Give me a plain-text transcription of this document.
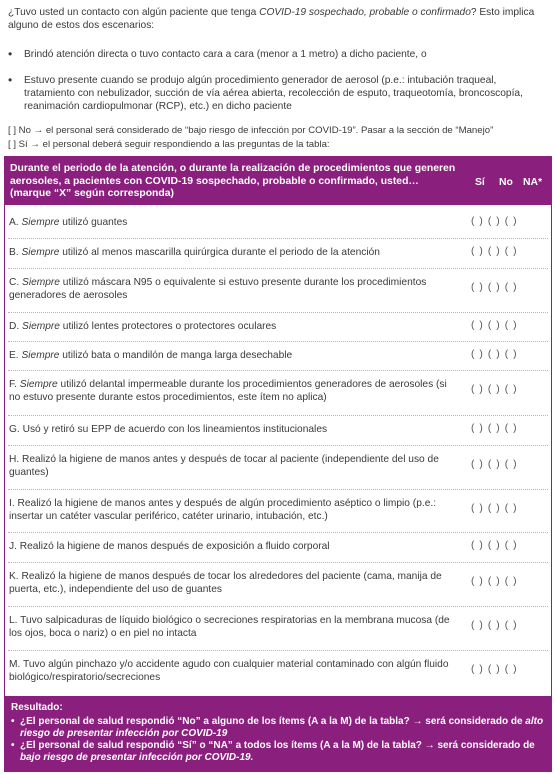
¿Tuvo usted un contacto con algún paciente que tenga COVID-19 sospechado, probable o confirmado? Esto implica alguno de estos dos escenarios:
• Brindó atención directa o tuvo contacto cara a cara (menor a 1 metro) a dicho paciente, o
• Estuvo presente cuando se produjo algún procedimiento generador de aerosol (p.e.: intubación traqueal, tratamiento con nebulizador, succión de vía aérea abierta, recolección de esputo, traqueotomía, broncoscopía, reanimación cardiopulmonar (RCP), etc.) en dicho paciente
[ ] No → el personal será considerado de “bajo riesgo de infección por COVID-19”. Pasar a la sección de “Manejo”
[ ] Sí → el personal deberá seguir respondiendo a las preguntas de la tabla:
Durante el periodo de la atención, o durante la realización de procedimientos que generen aerosoles, a pacientes con COVID-19 sospechado, probable o confirmado, usted… (marque “X” según corresponda)
Sí No NA*
A. Siempre utilizó guantes	( ) ( ) ( )
B. Siempre utilizó al menos mascarilla quirúrgica durante el periodo de la atención	( ) ( ) ( )
C. Siempre utilizó máscara N95 o equivalente si estuvo presente durante los procedimientos generadores de aerosoles
( ) ( ) ( )
D. Siempre utilizó lentes protectores o protectores oculares	( ) ( ) ( )
E. Siempre utilizó bata o mandilón de manga larga desechable	( ) ( ) ( )
F. Siempre utilizó delantal impermeable durante los procedimientos generadores de aerosoles (si no estuvo presente durante estos procedimientos, este ítem no aplica)
( ) ( ) ( )
G. Usó y retiró su EPP de acuerdo con los lineamientos institucionales	( ) ( ) ( )
H. Realizó la higiene de manos antes y después de tocar al paciente (independiente del uso de guantes)
( ) ( ) ( )
I. Realizó la higiene de manos antes y después de algún procedimiento aséptico o limpio (p.e.: insertar un catéter vascular periférico, catéter urinario, intubación, etc.)
( ) ( ) ( )
J. Realizó la higiene de manos después de exposición a fluido corporal	( ) ( ) ( )
K. Realizó la higiene de manos después de tocar los alrededores del paciente (cama, manija de puerta, etc.), independiente del uso de guantes
( ) ( ) ( )
L. Tuvo salpicaduras de líquido biológico o secreciones respiratorias en la membrana mucosa (de los ojos, boca o nariz) o en piel no intacta
( ) ( ) ( )
M. Tuvo algún pinchazo y/o accidente agudo con cualquier material contaminado con algún fluido biológico/respiratorio/secreciones
( ) ( ) ( )
Resultado:
• ¿El personal de salud respondió “No” a alguno de los ítems (A a la M) de la tabla? → será considerado de alto riesgo de presentar infección por COVID-19
• ¿El personal de salud respondió “Sí” o “NA” a todos los ítems (A a la M) de la tabla? → será considerado de bajo riesgo de presentar infección por COVID-19.
